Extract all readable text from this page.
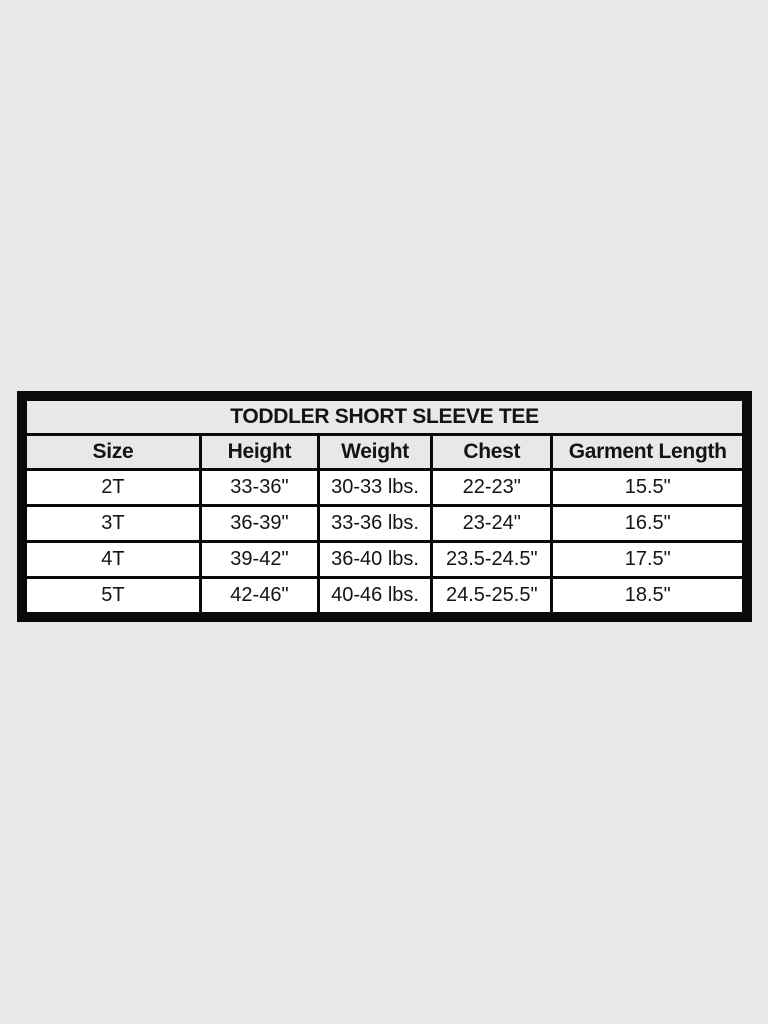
TODDLER SHORT SLEEVE TEE				
Size	Height	Weight	Chest	Garment Length
2T	33-36"	30-33 lbs.	22-23"	15.5"
3T	36-39"	33-36 lbs.	23-24"	16.5"
4T	39-42"	36-40 lbs.	23.5-24.5"	17.5"
5T	42-46"	40-46 lbs.	24.5-25.5"	18.5"
